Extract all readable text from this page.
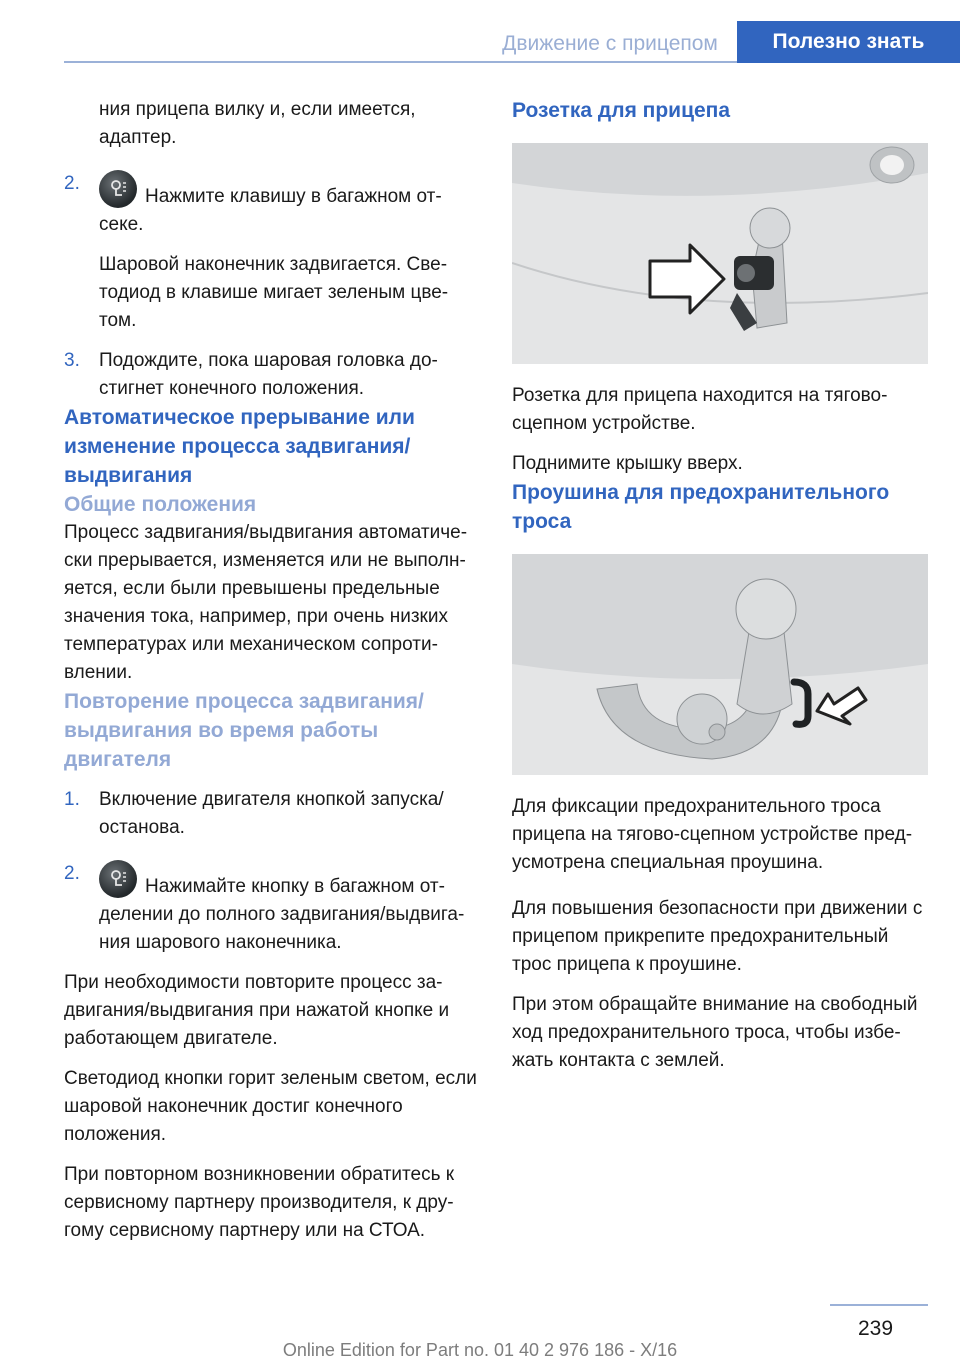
Движение с прицепом	Полезно знать

ния прицепа вилку и, если имеется, адаптер.

2.
Нажмите клавишу в багажном от-секе.

Шаровой наконечник задвигается. Све-тодиод в клавише мигает зеленым цве-том.

3. Подождите, пока шаровая головка до-стигнет конечного положения.
Автоматическое прерывание или изменение процесса задвигания/ выдвигания
Общие положения

Процесс задвигания/выдвигания автоматиче-ски прерывается, изменяется или не выполн-яется, если были превышены предельные значения тока, например, при очень низких температурах или механическом сопроти-влении.

Повторение процесса задвигания/ выдвигания во время работы двигателя
1. Включение двигателя кнопкой запуска/ останова.
2.
Нажимайте кнопку в багажном от-делении до полного задвигания/выдвига-ния шарового наконечника.

При необходимости повторите процесс за-двигания/выдвигания при нажатой кнопке и работающем двигателе.

Светодиод кнопки горит зеленым светом, если шаровой наконечник достиг конечного положения.

При повторном возникновении обратитесь к сервисному партнеру производителя, к дру-гому сервисному партнеру или на СТОА.

Розетка для прицепа

Розетка для прицепа находится на тягово-сцепном устройстве.

Поднимите крышку вверх.

Проушина для предохранительного троса

Для фиксации предохранительного троса прицепа на тягово-сцепном устройстве пред-усмотрена специальная проушина.

Для повышения безопасности при движении с прицепом прикрепите предохранительный трос прицепа к проушине.

При этом обращайте внимание на свободный ход предохранительного троса, чтобы избе-жать контакта с землей.

239
Online Edition for Part no. 01 40 2 976 186 - X/16
